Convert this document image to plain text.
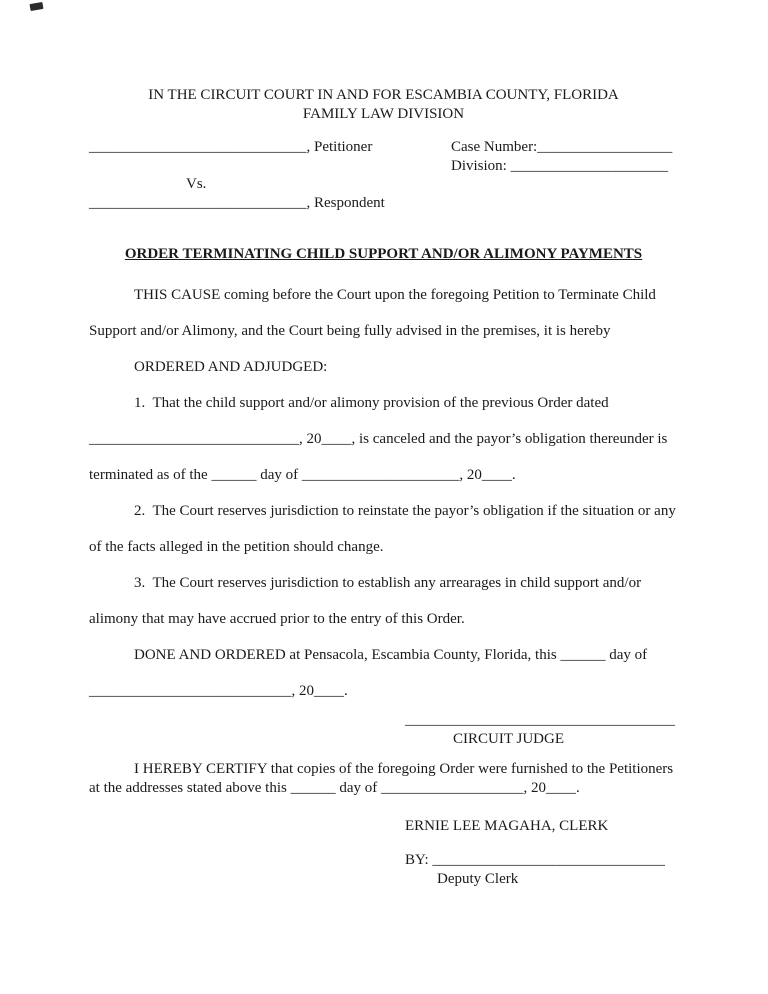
IN THE CIRCUIT COURT IN AND FOR ESCAMBIA COUNTY, FLORIDA
FAMILY LAW DIVISION
_____________________________, Petitioner
Vs.
_____________________________, Respondent
Case Number:__________________
Division: _____________________
ORDER TERMINATING CHILD SUPPORT AND/OR ALIMONY PAYMENTS

THIS CAUSE coming before the Court upon the foregoing Petition to Terminate Child Support and/or Alimony, and the Court being fully advised in the premises, it is hereby

ORDERED AND ADJUDGED:

1.  That the child support and/or alimony provision of the previous Order dated ____________________________, 20____, is canceled and the payor’s obligation thereunder is terminated as of the ______ day of _____________________, 20____.

2.  The Court reserves jurisdiction to reinstate the payor’s obligation if the situation or any of the facts alleged in the petition should change.

3.  The Court reserves jurisdiction to establish any arrearages in child support and/or alimony that may have accrued prior to the entry of this Order.

DONE AND ORDERED at Pensacola, Escambia County, Florida, this ______ day of ___________________________, 20____.

____________________________________
CIRCUIT JUDGE

I HEREBY CERTIFY that copies of the foregoing Order were furnished to the Petitioners at the addresses stated above this ______ day of ___________________, 20____.

ERNIE LEE MAGAHA, CLERK
BY: _______________________________
Deputy Clerk
